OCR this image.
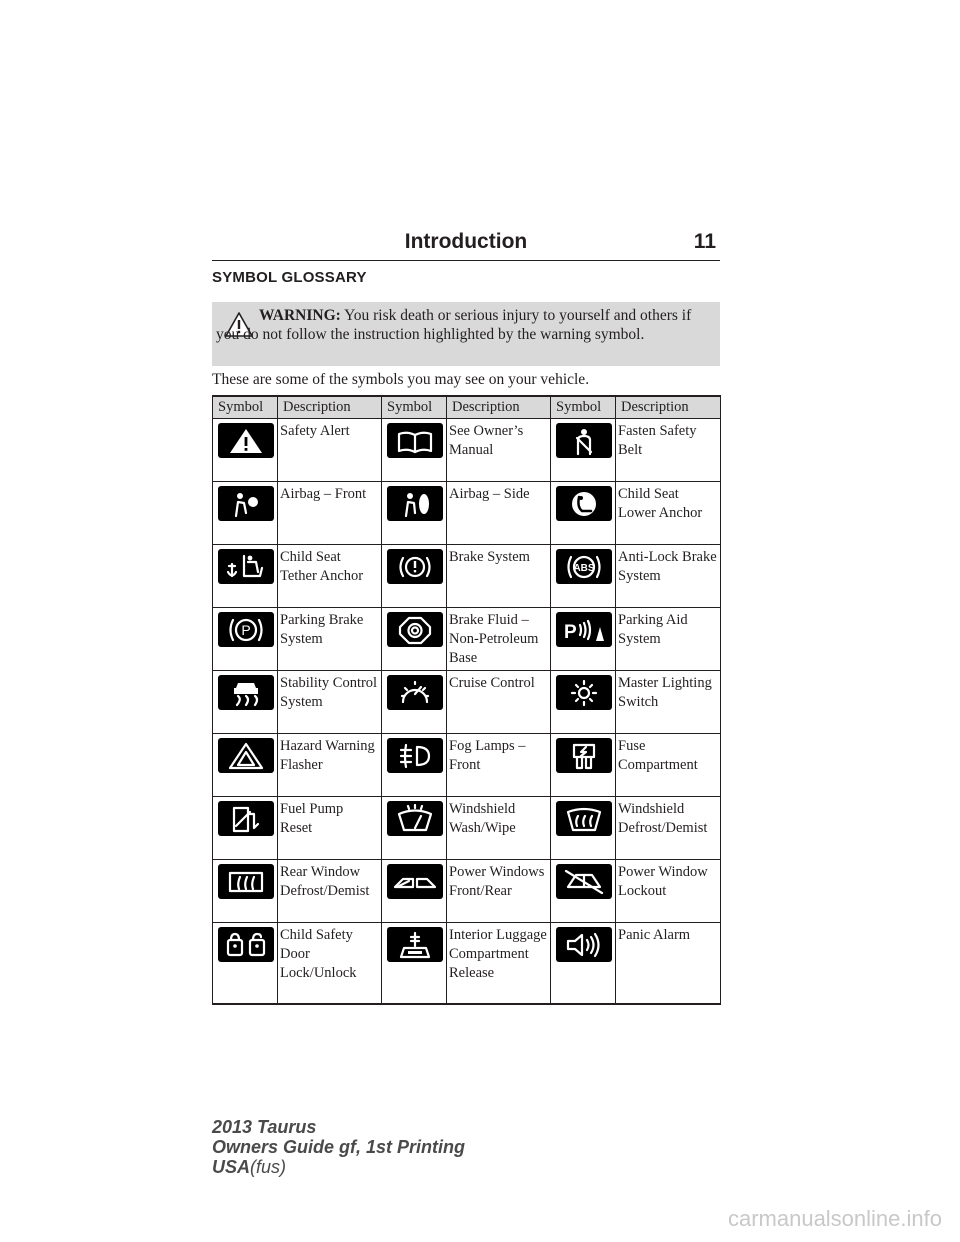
Introduction	11
SYMBOL GLOSSARY
WARNING: You risk death or serious injury to yourself and others if you do not follow the instruction highlighted by the warning symbol.
These are some of the symbols you may see on your vehicle.
Symbol	Description	Symbol	Description	Symbol	Description

	Safety Alert		See Owner’s Manual		Fasten Safety Belt

	Airbag – Front		Airbag – Side		Child Seat Lower Anchor

	Child Seat Tether Anchor		Brake System	ABS	Anti-Lock Brake System

P	Parking Brake System		Brake Fluid – Non-Petroleum Base	P	Parking Aid System

	Stability Control System		Cruise Control		Master Lighting Switch

	Hazard Warning Flasher		Fog Lamps – Front		Fuse Compartment

	Fuel Pump Reset		Windshield Wash/Wipe		Windshield Defrost/Demist

	Rear Window Defrost/Demist		Power Windows Front/Rear		Power Window Lockout

	Child Safety Door Lock/Unlock		Interior Luggage Compartment Release		Panic Alarm
2013 Taurus
Owners Guide gf, 1st Printing
USA(fus)
carmanualsonline.info
